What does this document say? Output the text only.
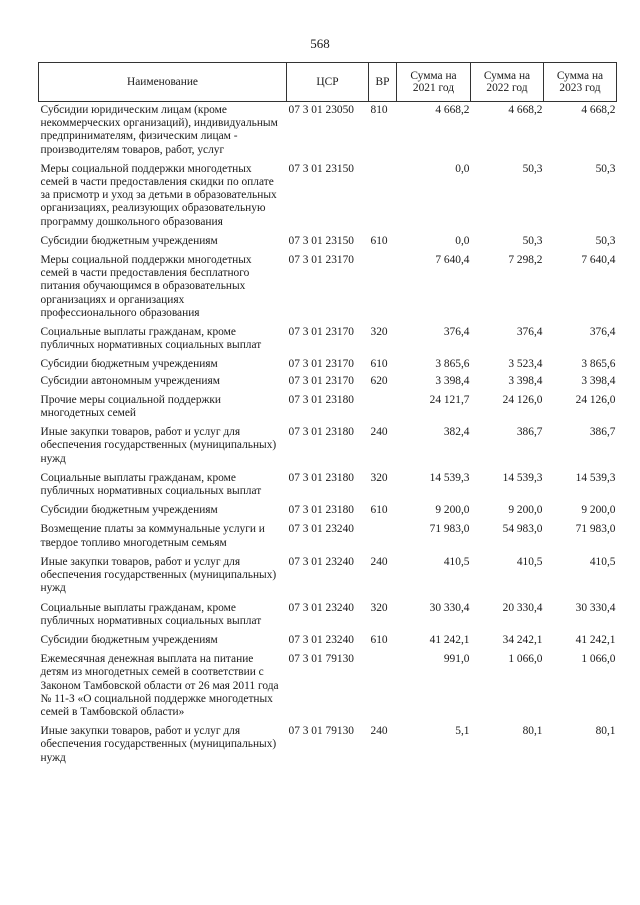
568
Наименование	ЦСР	ВР	Сумма на 2021 год	Сумма на 2022 год	Сумма на 2023 год
Субсидии юридическим лицам (кроме некоммерческих организаций), индивидуальным предпринимателям, физическим лицам - производителям товаров, работ, услуг	07 3 01 23050	810	4 668,2	4 668,2	4 668,2
Меры социальной поддержки многодетных семей в части предоставления скидки по оплате за присмотр и уход за детьми в образовательных организациях, реализующих образовательную программу дошкольного образования	07 3 01 23150		0,0	50,3	50,3
Субсидии бюджетным учреждениям	07 3 01 23150	610	0,0	50,3	50,3
Меры социальной поддержки многодетных семей в части предоставления бесплатного питания обучающимся в образовательных организациях и организациях профессионального образования	07 3 01 23170		7 640,4	7 298,2	7 640,4
Социальные выплаты гражданам, кроме публичных нормативных социальных выплат	07 3 01 23170	320	376,4	376,4	376,4
Субсидии бюджетным учреждениям	07 3 01 23170	610	3 865,6	3 523,4	3 865,6
Субсидии автономным учреждениям	07 3 01 23170	620	3 398,4	3 398,4	3 398,4
Прочие меры социальной поддержки многодетных семей	07 3 01 23180		24 121,7	24 126,0	24 126,0
Иные закупки товаров, работ и услуг для обеспечения государственных (муниципальных) нужд	07 3 01 23180	240	382,4	386,7	386,7
Социальные выплаты гражданам, кроме публичных нормативных социальных выплат	07 3 01 23180	320	14 539,3	14 539,3	14 539,3
Субсидии бюджетным учреждениям	07 3 01 23180	610	9 200,0	9 200,0	9 200,0
Возмещение платы за коммунальные услуги и твердое топливо многодетным семьям	07 3 01 23240		71 983,0	54 983,0	71 983,0
Иные закупки товаров, работ и услуг для обеспечения государственных (муниципальных) нужд	07 3 01 23240	240	410,5	410,5	410,5
Социальные выплаты гражданам, кроме публичных нормативных социальных выплат	07 3 01 23240	320	30 330,4	20 330,4	30 330,4
Субсидии бюджетным учреждениям	07 3 01 23240	610	41 242,1	34 242,1	41 242,1
Ежемесячная денежная выплата на питание детям из многодетных семей в соответствии с Законом Тамбовской области от 26 мая 2011 года № 11-З «О социальной поддержке многодетных семей в Тамбовской области»	07 3 01 79130		991,0	1 066,0	1 066,0
Иные закупки товаров, работ и услуг для обеспечения государственных (муниципальных) нужд	07 3 01 79130	240	5,1	80,1	80,1
